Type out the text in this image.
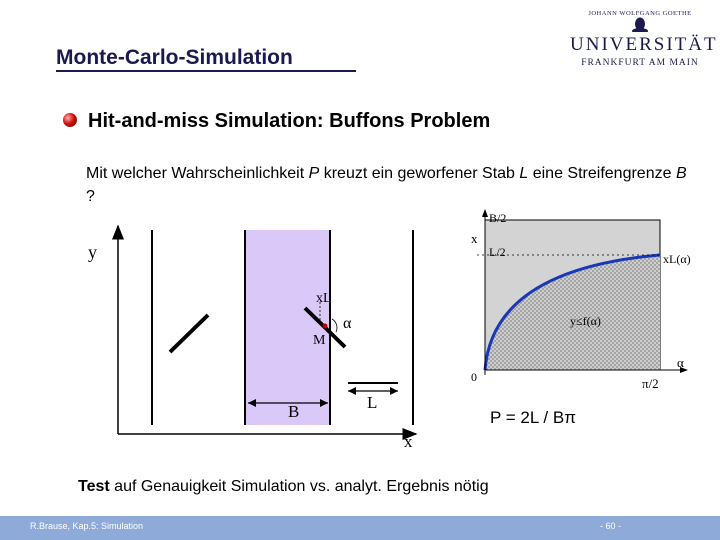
Monte-Carlo-Simulation
JOHANN WOLFGANG GOETHE
UNIVERSITÄT
FRANKFURT AM MAIN
Hit-and-miss Simulation: Buffons Problem
Mit welcher Wahrscheinlichkeit P kreuzt ein geworfener Stab L eine Streifengrenze B ?
y
x
xL
α
M
B	L
B/2
x
L/2	xL(α)
y≤f(α)
0
α
π/2
P = 2L / Bπ
Test auf Genauigkeit Simulation vs. analyt. Ergebnis nötig
R.Brause, Kap.5: Simulation	- 60 -
